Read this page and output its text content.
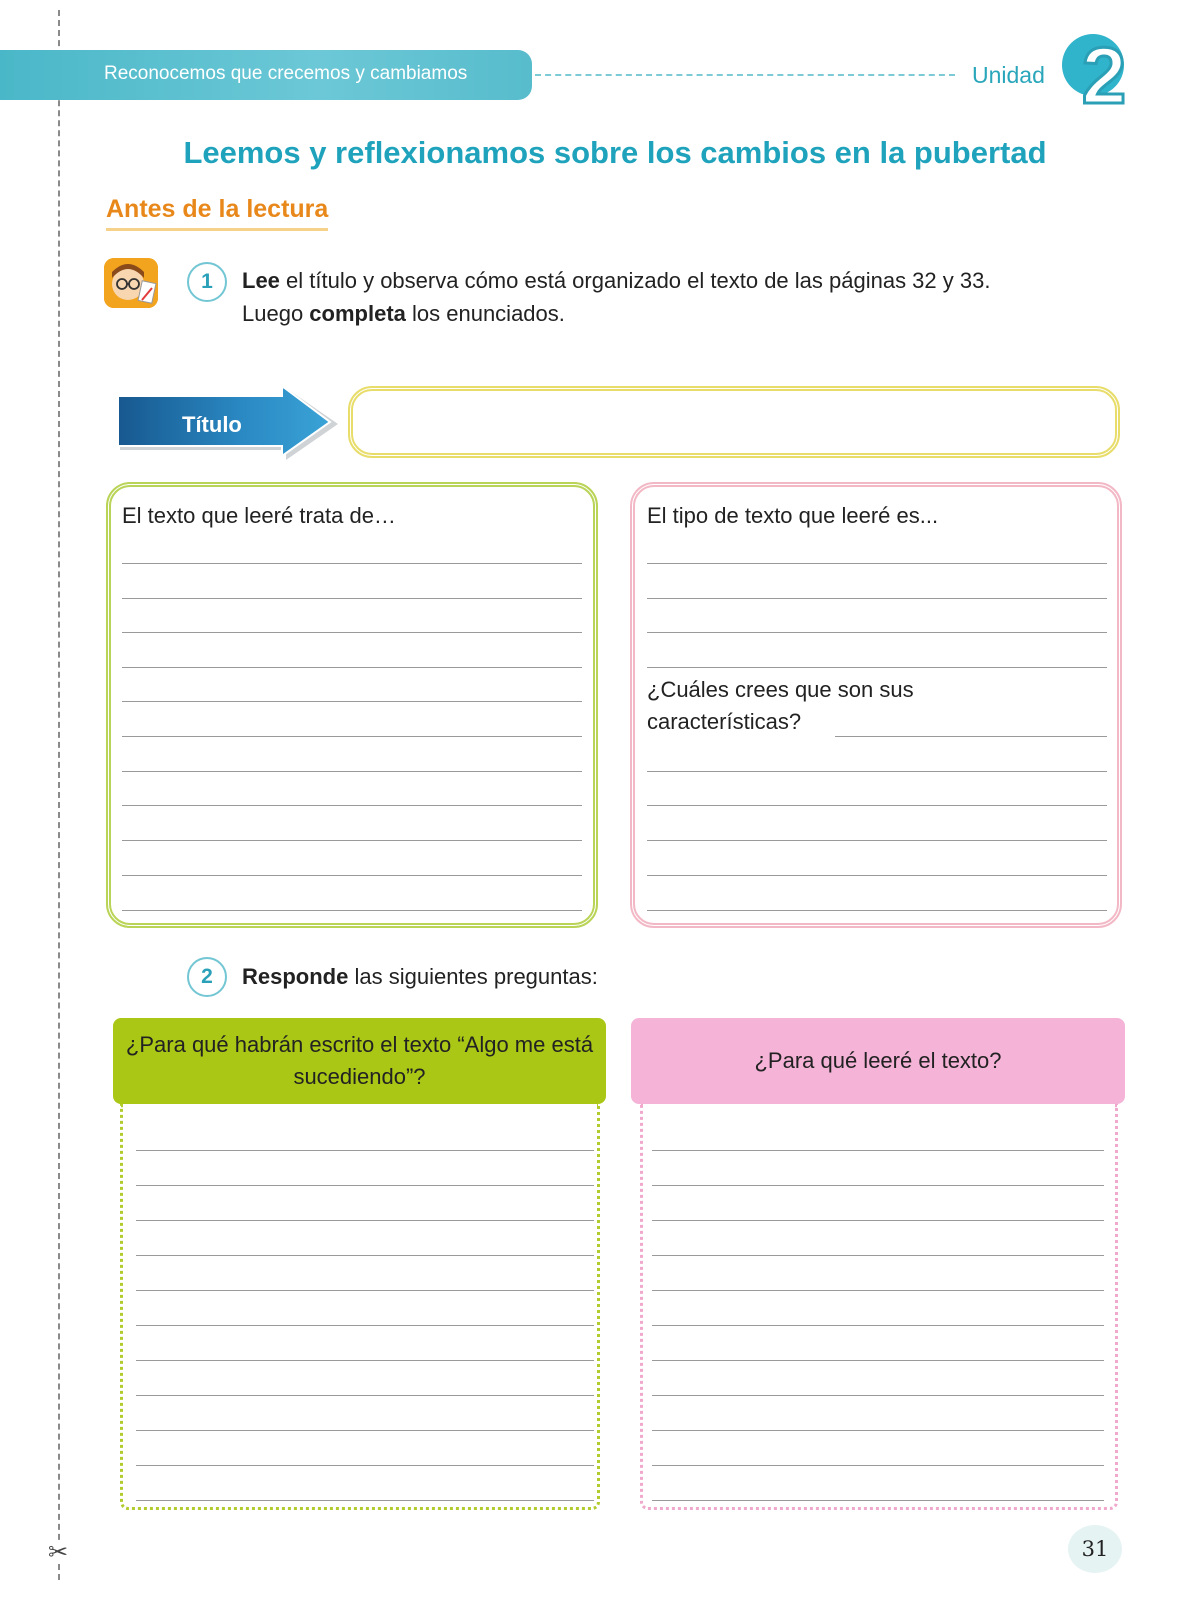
✂
Reconocemos que crecemos y cambiamos	Unidad 2
Leemos y reflexionamos sobre los cambios en la pubertad
Antes de la lectura
1	Lee el título y observa cómo está organizado el texto de las páginas 32 y 33.
Luego completa los enunciados.
Título
El texto que leeré trata de…	El tipo de texto que leeré es...
¿Cuáles crees que son sus
características?
2	Responde las siguientes preguntas:
¿Para qué habrán escrito el texto “Algo me está sucediendo”?
¿Para qué leeré el texto?
31
